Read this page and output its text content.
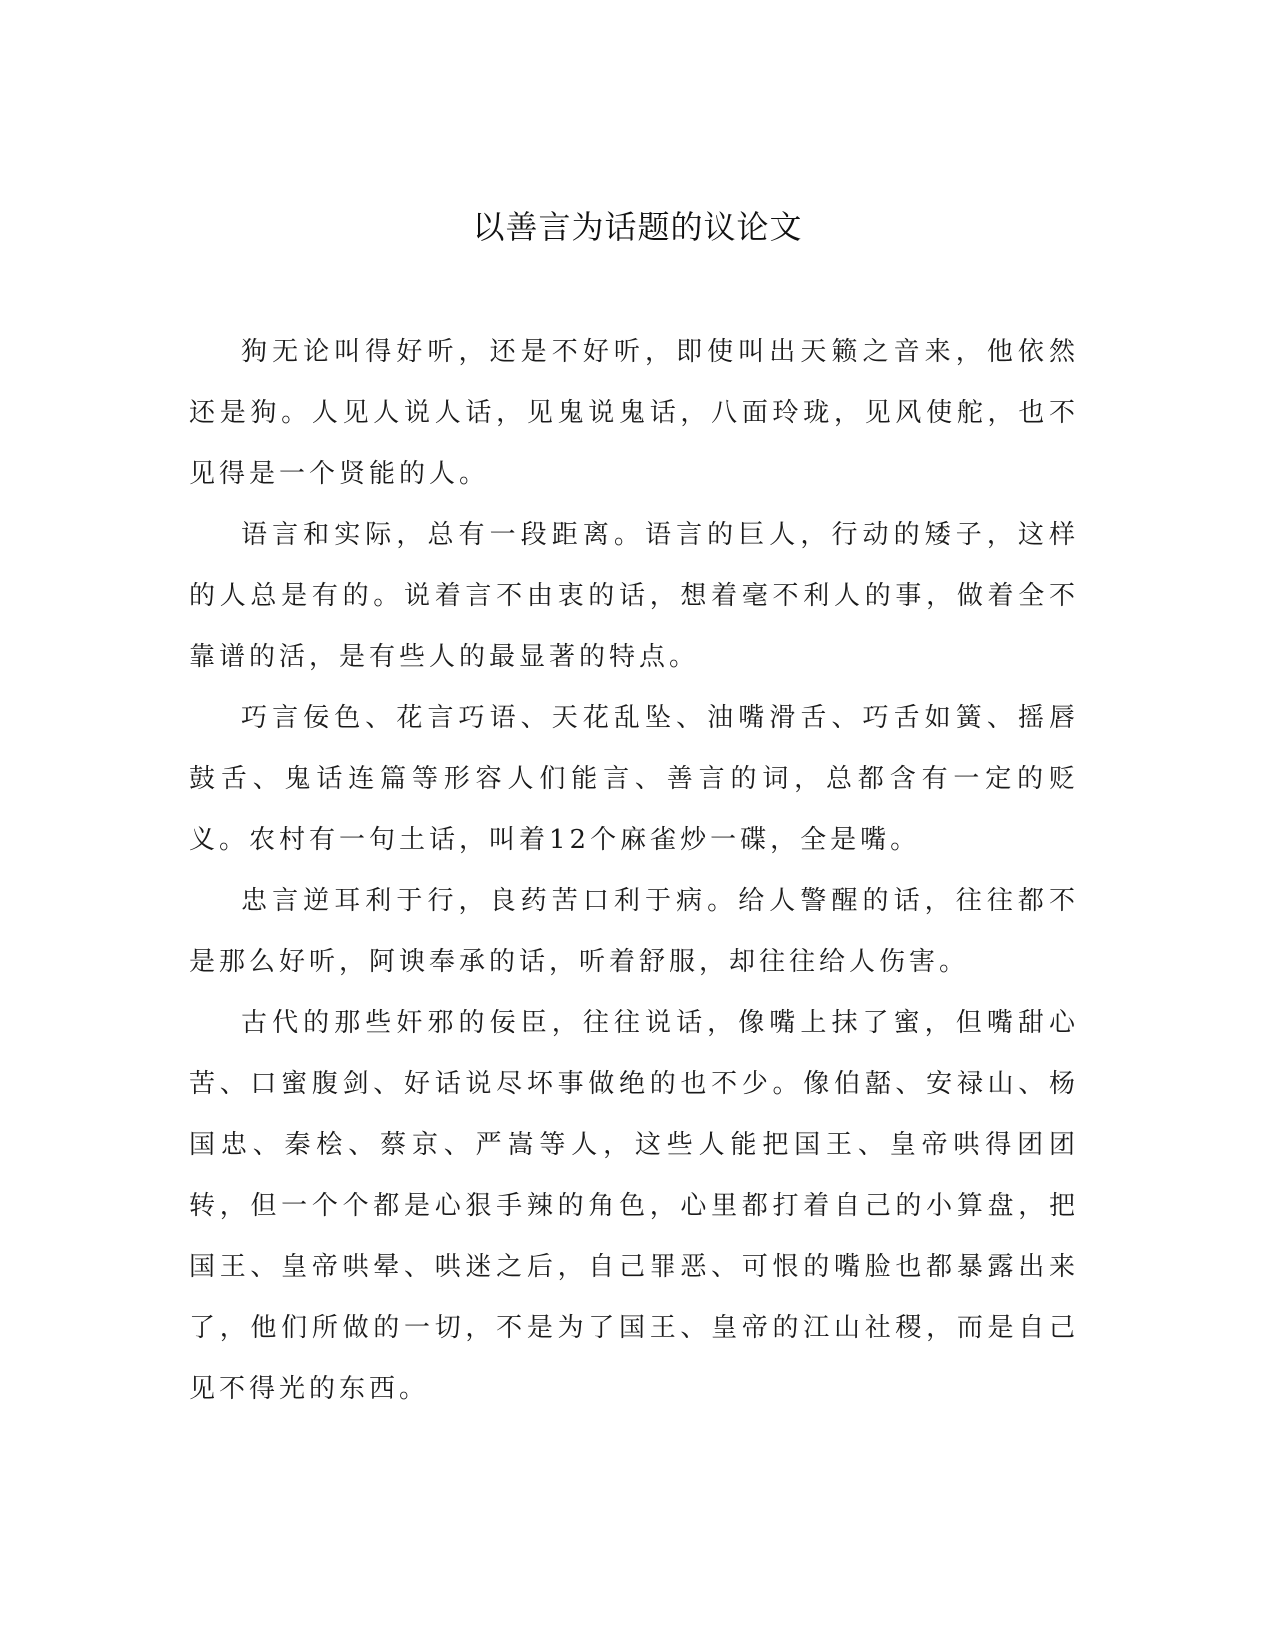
以善言为话题的议论文

狗无论叫得好听，还是不好听，即使叫出天籁之音来，他依然还是狗。人见人说人话，见鬼说鬼话，八面玲珑，见风使舵，也不见得是一个贤能的人。

语言和实际，总有一段距离。语言的巨人，行动的矮子，这样的人总是有的。说着言不由衷的话，想着毫不利人的事，做着全不靠谱的活，是有些人的最显著的特点。

巧言佞色、花言巧语、天花乱坠、油嘴滑舌、巧舌如簧、摇唇鼓舌、鬼话连篇等形容人们能言、善言的词，总都含有一定的贬义。农村有一句土话，叫着12个麻雀炒一碟，全是嘴。

忠言逆耳利于行，良药苦口利于病。给人警醒的话，往往都不是那么好听，阿谀奉承的话，听着舒服，却往往给人伤害。

古代的那些奸邪的佞臣，往往说话，像嘴上抹了蜜，但嘴甜心苦、口蜜腹剑、好话说尽坏事做绝的也不少。像伯嚭、安禄山、杨国忠、秦桧、蔡京、严嵩等人，这些人能把国王、皇帝哄得团团转，但一个个都是心狠手辣的角色，心里都打着自己的小算盘，把国王、皇帝哄晕、哄迷之后，自己罪恶、可恨的嘴脸也都暴露出来了，他们所做的一切，不是为了国王、皇帝的江山社稷，而是自己见不得光的东西。
